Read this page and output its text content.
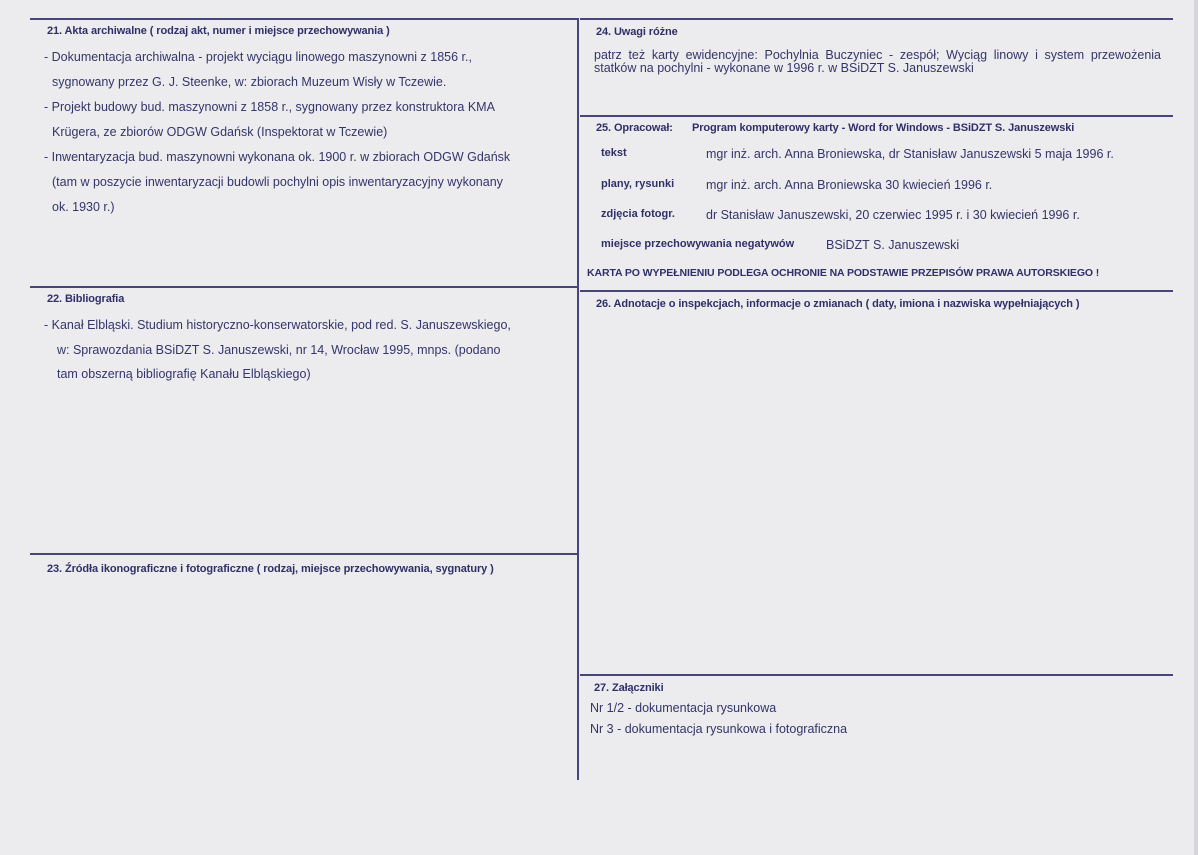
21. Akta archiwalne ( rodzaj akt, numer i miejsce przechowywania )
- Dokumentacja archiwalna - projekt wyciągu linowego maszynowni z 1856 r.,
sygnowany przez G. J. Steenke, w: zbiorach Muzeum Wisły w Tczewie.
- Projekt budowy bud. maszynowni z 1858 r., sygnowany przez konstruktora KMA
Krügera, ze zbiorów ODGW Gdańsk (Inspektorat w Tczewie)
- Inwentaryzacja bud. maszynowni wykonana ok. 1900 r. w zbiorach ODGW Gdańsk
(tam w poszycie inwentaryzacji budowli pochylni opis inwentaryzacyjny wykonany
ok. 1930 r.)
22. Bibliografia
- Kanał Elbląski. Studium historyczno-konserwatorskie, pod red. S. Januszewskiego,
w: Sprawozdania BSiDZT S. Januszewski, nr 14, Wrocław 1995, mnps. (podano
tam obszerną bibliografię Kanału Elbląskiego)
23. Źródła ikonograficzne i fotograficzne ( rodzaj, miejsce przechowywania, sygnatury )
24. Uwagi różne
patrz też karty ewidencyjne: Pochylnia Buczyniec - zespół; Wyciąg linowy i system przewożenia statków na pochylni - wykonane w 1996 r. w BSiDZT S. Januszewski
25. Opracował: Program komputerowy karty - Word for Windows - BSiDZT S. Januszewski
tekst	mgr inż. arch. Anna Broniewska, dr Stanisław Januszewski 5 maja 1996 r.
plany, rysunki	mgr inż. arch. Anna Broniewska 30 kwiecień 1996 r.
zdjęcia fotogr. dr Stanisław Januszewski, 20 czerwiec 1995 r. i 30 kwiecień 1996 r.
miejsce przechowywania negatywów	BSiDZT S. Januszewski
KARTA PO WYPEŁNIENIU PODLEGA OCHRONIE NA PODSTAWIE PRZEPISÓW PRAWA AUTORSKIEGO !
26. Adnotacje o inspekcjach, informacje o zmianach ( daty, imiona i nazwiska wypełniających )
27. Załączniki
Nr 1/2 - dokumentacja rysunkowa
Nr 3 - dokumentacja rysunkowa i fotograficzna
